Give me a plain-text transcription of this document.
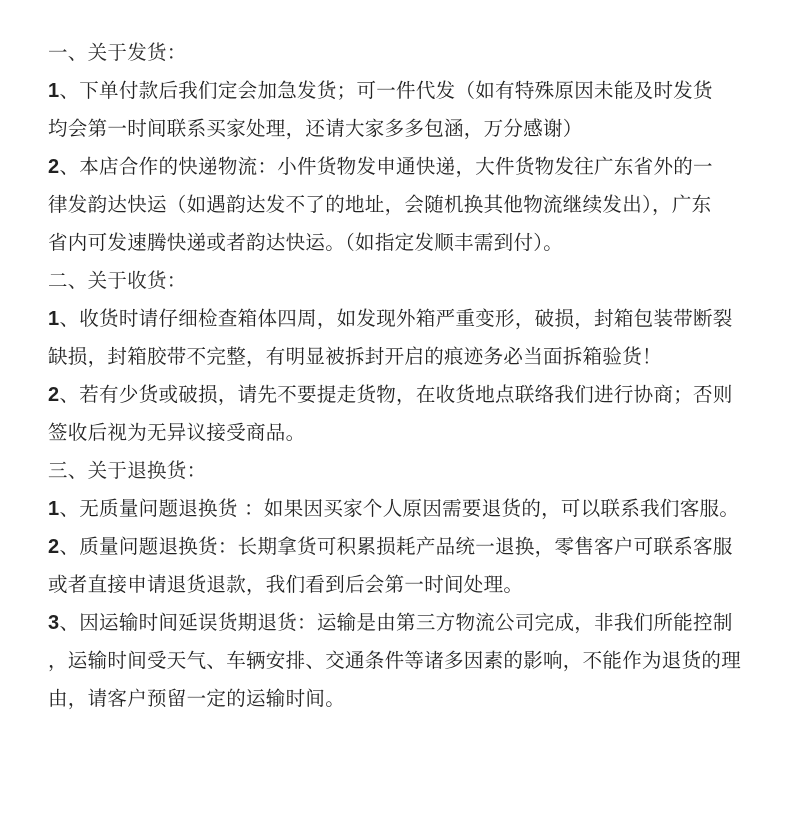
一、关于发货：
1、下单付款后我们定会加急发货；可一件代发（如有特殊原因未能及时发货
均会第一时间联系买家处理，还请大家多多包涵，万分感谢）
2、本店合作的快递物流：小件货物发申通快递，大件货物发往广东省外的一
律发韵达快运（如遇韵达发不了的地址，会随机换其他物流继续发出），广东
省内可发速腾快递或者韵达快运。（如指定发顺丰需到付）。
二、关于收货：
1、收货时请仔细检查箱体四周，如发现外箱严重变形，破损，封箱包装带断裂
缺损，封箱胶带不完整，有明显被拆封开启的痕迹务必当面拆箱验货！
2、若有少货或破损，请先不要提走货物，在收货地点联络我们进行协商；否则
签收后视为无异议接受商品。
三、关于退换货：
1、无质量问题退换货 ：如果因买家个人原因需要退货的，可以联系我们客服。
2、质量问题退换货：长期拿货可积累损耗产品统一退换，零售客户可联系客服
或者直接申请退货退款，我们看到后会第一时间处理。
3、因运输时间延误货期退货：运输是由第三方物流公司完成，非我们所能控制
，运输时间受天气、车辆安排、交通条件等诸多因素的影响，不能作为退货的理
由，请客户预留一定的运输时间。
